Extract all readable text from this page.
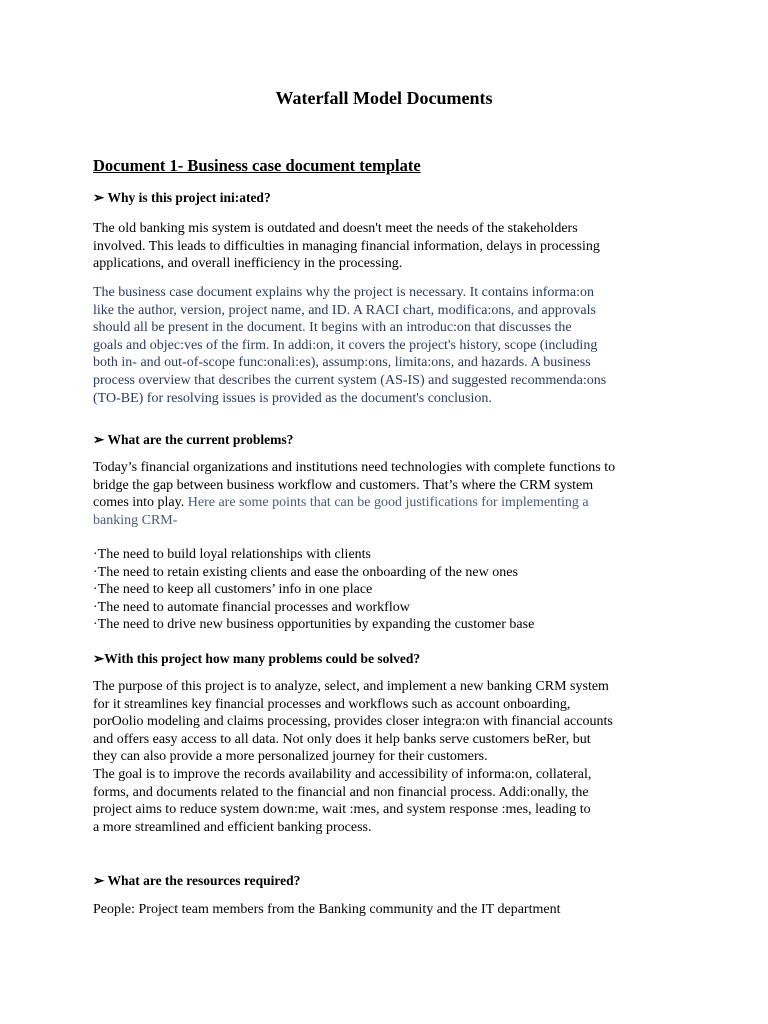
Waterfall Model Documents
Document 1- Business case document template
➢ Why is this project ini:ated?
The old banking mis system is outdated and doesn't meet the needs of the stakeholders
involved. This leads to difficulties in managing financial information, delays in processing
applications, and overall inefficiency in the processing.
The business case document explains why the project is necessary. It contains informa:on
like the author, version, project name, and ID. A RACI chart, modifica:ons, and approvals
should all be present in the document. It begins with an introduc:on that discusses the
goals and objec:ves of the firm. In addi:on, it covers the project's history, scope (including
both in- and out-of-scope func:onali:es), assump:ons, limita:ons, and hazards. A business
process overview that describes the current system (AS-IS) and suggested recommenda:ons
(TO-BE) for resolving issues is provided as the document's conclusion.
➢ What are the current problems?
Today’s financial organizations and institutions need technologies with complete functions to
bridge the gap between business workflow and customers. That’s where the CRM system
comes into play. Here are some points that can be good justifications for implementing a
banking CRM-
·The need to build loyal relationships with clients
·The need to retain existing clients and ease the onboarding of the new ones
·The need to keep all customers’ info in one place
·The need to automate financial processes and workflow
·The need to drive new business opportunities by expanding the customer base
➢With this project how many problems could be solved?
The purpose of this project is to analyze, select, and implement a new banking CRM system
for it streamlines key financial processes and workflows such as account onboarding,
porOolio modeling and claims processing, provides closer integra:on with financial accounts
and offers easy access to all data. Not only does it help banks serve customers beRer, but
they can also provide a more personalized journey for their customers.
The goal is to improve the records availability and accessibility of informa:on, collateral,
forms, and documents related to the financial and non financial process. Addi:onally, the
project aims to reduce system down:me, wait :mes, and system response :mes, leading to
a more streamlined and efficient banking process.
➢ What are the resources required?
People: Project team members from the Banking community and the IT department
